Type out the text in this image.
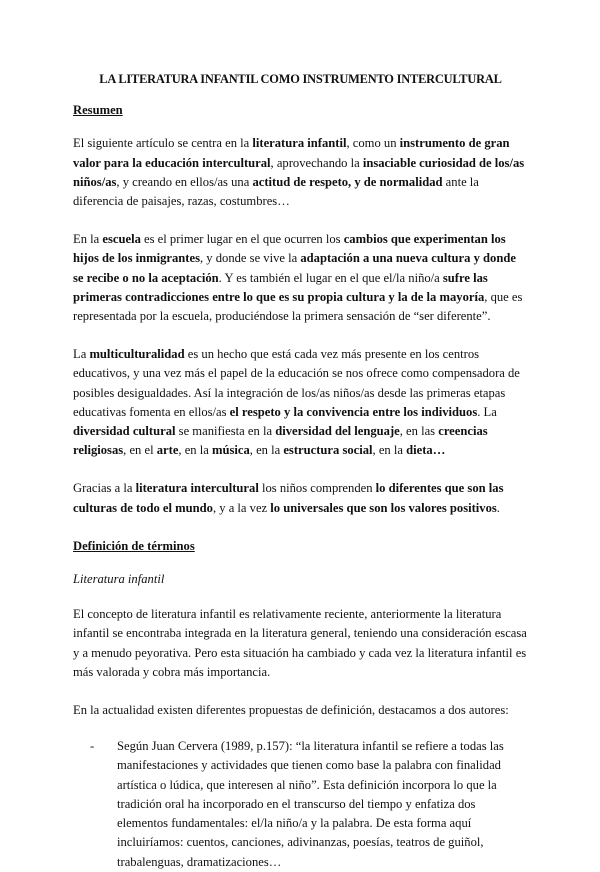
LA LITERATURA INFANTIL COMO INSTRUMENTO INTERCULTURAL
Resumen

El siguiente artículo se centra en la literatura infantil, como un instrumento de gran valor para la educación intercultural, aprovechando la insaciable curiosidad de los/as niños/as, y creando en ellos/as una actitud de respeto, y de normalidad ante la diferencia de paisajes, razas, costumbres…

En la escuela es el primer lugar en el que ocurren los cambios que experimentan los hijos de los inmigrantes, y donde se vive la adaptación a una nueva cultura y donde se recibe o no la aceptación. Y es también el lugar en el que el/la niño/a sufre las primeras contradicciones entre lo que es su propia cultura y la de la mayoría, que es representada por la escuela, produciéndose la primera sensación de “ser diferente”.

La multiculturalidad es un hecho que está cada vez más presente en los centros educativos, y una vez más el papel de la educación se nos ofrece como compensadora de posibles desigualdades. Así la integración de los/as niños/as desde las primeras etapas educativas fomenta en ellos/as el respeto y la convivencia entre los individuos. La diversidad cultural se manifiesta en la diversidad del lenguaje, en las creencias religiosas, en el arte, en la música, en la estructura social, en la dieta…

Gracias a la literatura intercultural los niños comprenden lo diferentes que son las culturas de todo el mundo, y a la vez lo universales que son los valores positivos.

Definición de términos
Literatura infantil

El concepto de literatura infantil es relativamente reciente, anteriormente la literatura infantil se encontraba integrada en la literatura general, teniendo una consideración escasa y a menudo peyorativa. Pero esta situación ha cambiado y cada vez la literatura infantil es más valorada y cobra más importancia.

En la actualidad existen diferentes propuestas de definición, destacamos a dos autores:

- Según Juan Cervera (1989, p.157): “la literatura infantil se refiere a todas las manifestaciones y actividades que tienen como base la palabra con finalidad artística o lúdica, que interesen al niño”. Esta definición incorpora lo que la tradición oral ha incorporado en el transcurso del tiempo y enfatiza dos elementos fundamentales: el/la niño/a y la palabra. De esta forma aquí incluiríamos: cuentos, canciones, adivinanzas, poesías, teatros de guiñol, trabalenguas, dramatizaciones…
